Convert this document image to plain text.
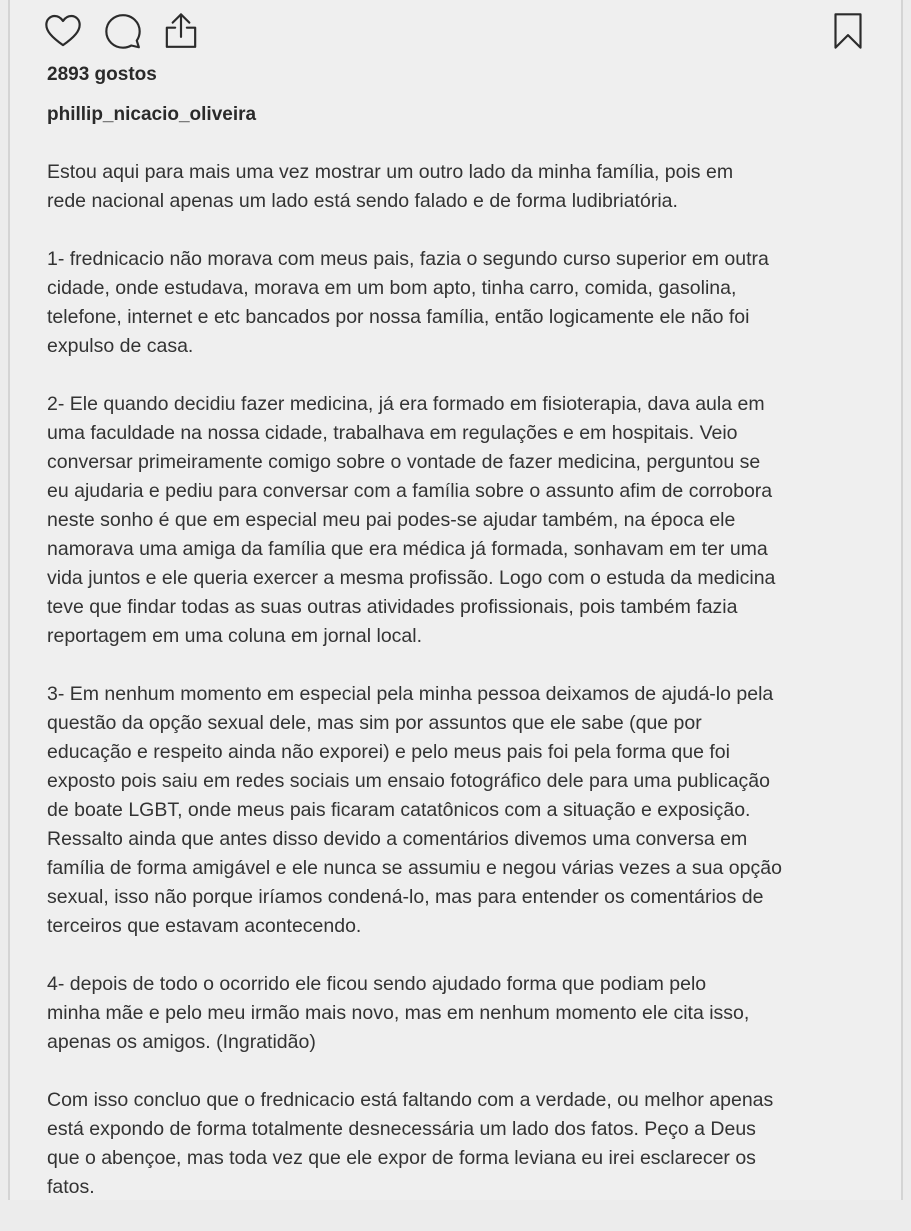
2893 gostos
phillip_nicacio_oliveira

Estou aqui para mais uma vez mostrar um outro lado da minha família, pois em
rede nacional apenas um lado está sendo falado e de forma ludibriatória.

1- frednicacio não morava com meus pais, fazia o segundo curso superior em outra
cidade, onde estudava, morava em um bom apto, tinha carro, comida, gasolina,
telefone, internet e etc bancados por nossa família, então logicamente ele não foi
expulso de casa.

2- Ele quando decidiu fazer medicina, já era formado em fisioterapia, dava aula em
uma faculdade na nossa cidade, trabalhava em regulações e em hospitais. Veio
conversar primeiramente comigo sobre o vontade de fazer medicina, perguntou se
eu ajudaria e pediu para conversar com a família sobre o assunto afim de corrobora
neste sonho é que em especial meu pai podes-se ajudar também, na época ele
namorava uma amiga da família que era médica já formada, sonhavam em ter uma
vida juntos e ele queria exercer a mesma profissão. Logo com o estuda da medicina
teve que findar todas as suas outras atividades profissionais, pois também fazia
reportagem em uma coluna em jornal local.

3- Em nenhum momento em especial pela minha pessoa deixamos de ajudá-lo pela
questão da opção sexual dele, mas sim por assuntos que ele sabe (que por
educação e respeito ainda não exporei) e pelo meus pais foi pela forma que foi
exposto pois saiu em redes sociais um ensaio fotográfico dele para uma publicação
de boate LGBT, onde meus pais ficaram catatônicos com a situação e exposição.
Ressalto ainda que antes disso devido a comentários divemos uma conversa em
família de forma amigável e ele nunca se assumiu e negou várias vezes a sua opção
sexual, isso não porque iríamos condená-lo, mas para entender os comentários de
terceiros que estavam acontecendo.

4- depois de todo o ocorrido ele ficou sendo ajudado forma que podiam pelo
minha mãe e pelo meu irmão mais novo, mas em nenhum momento ele cita isso,
apenas os amigos. (Ingratidão)

Com isso concluo que o frednicacio está faltando com a verdade, ou melhor apenas
está expondo de forma totalmente desnecessária um lado dos fatos. Peço a Deus
que o abençoe, mas toda vez que ele expor de forma leviana eu irei esclarecer os
fatos.
